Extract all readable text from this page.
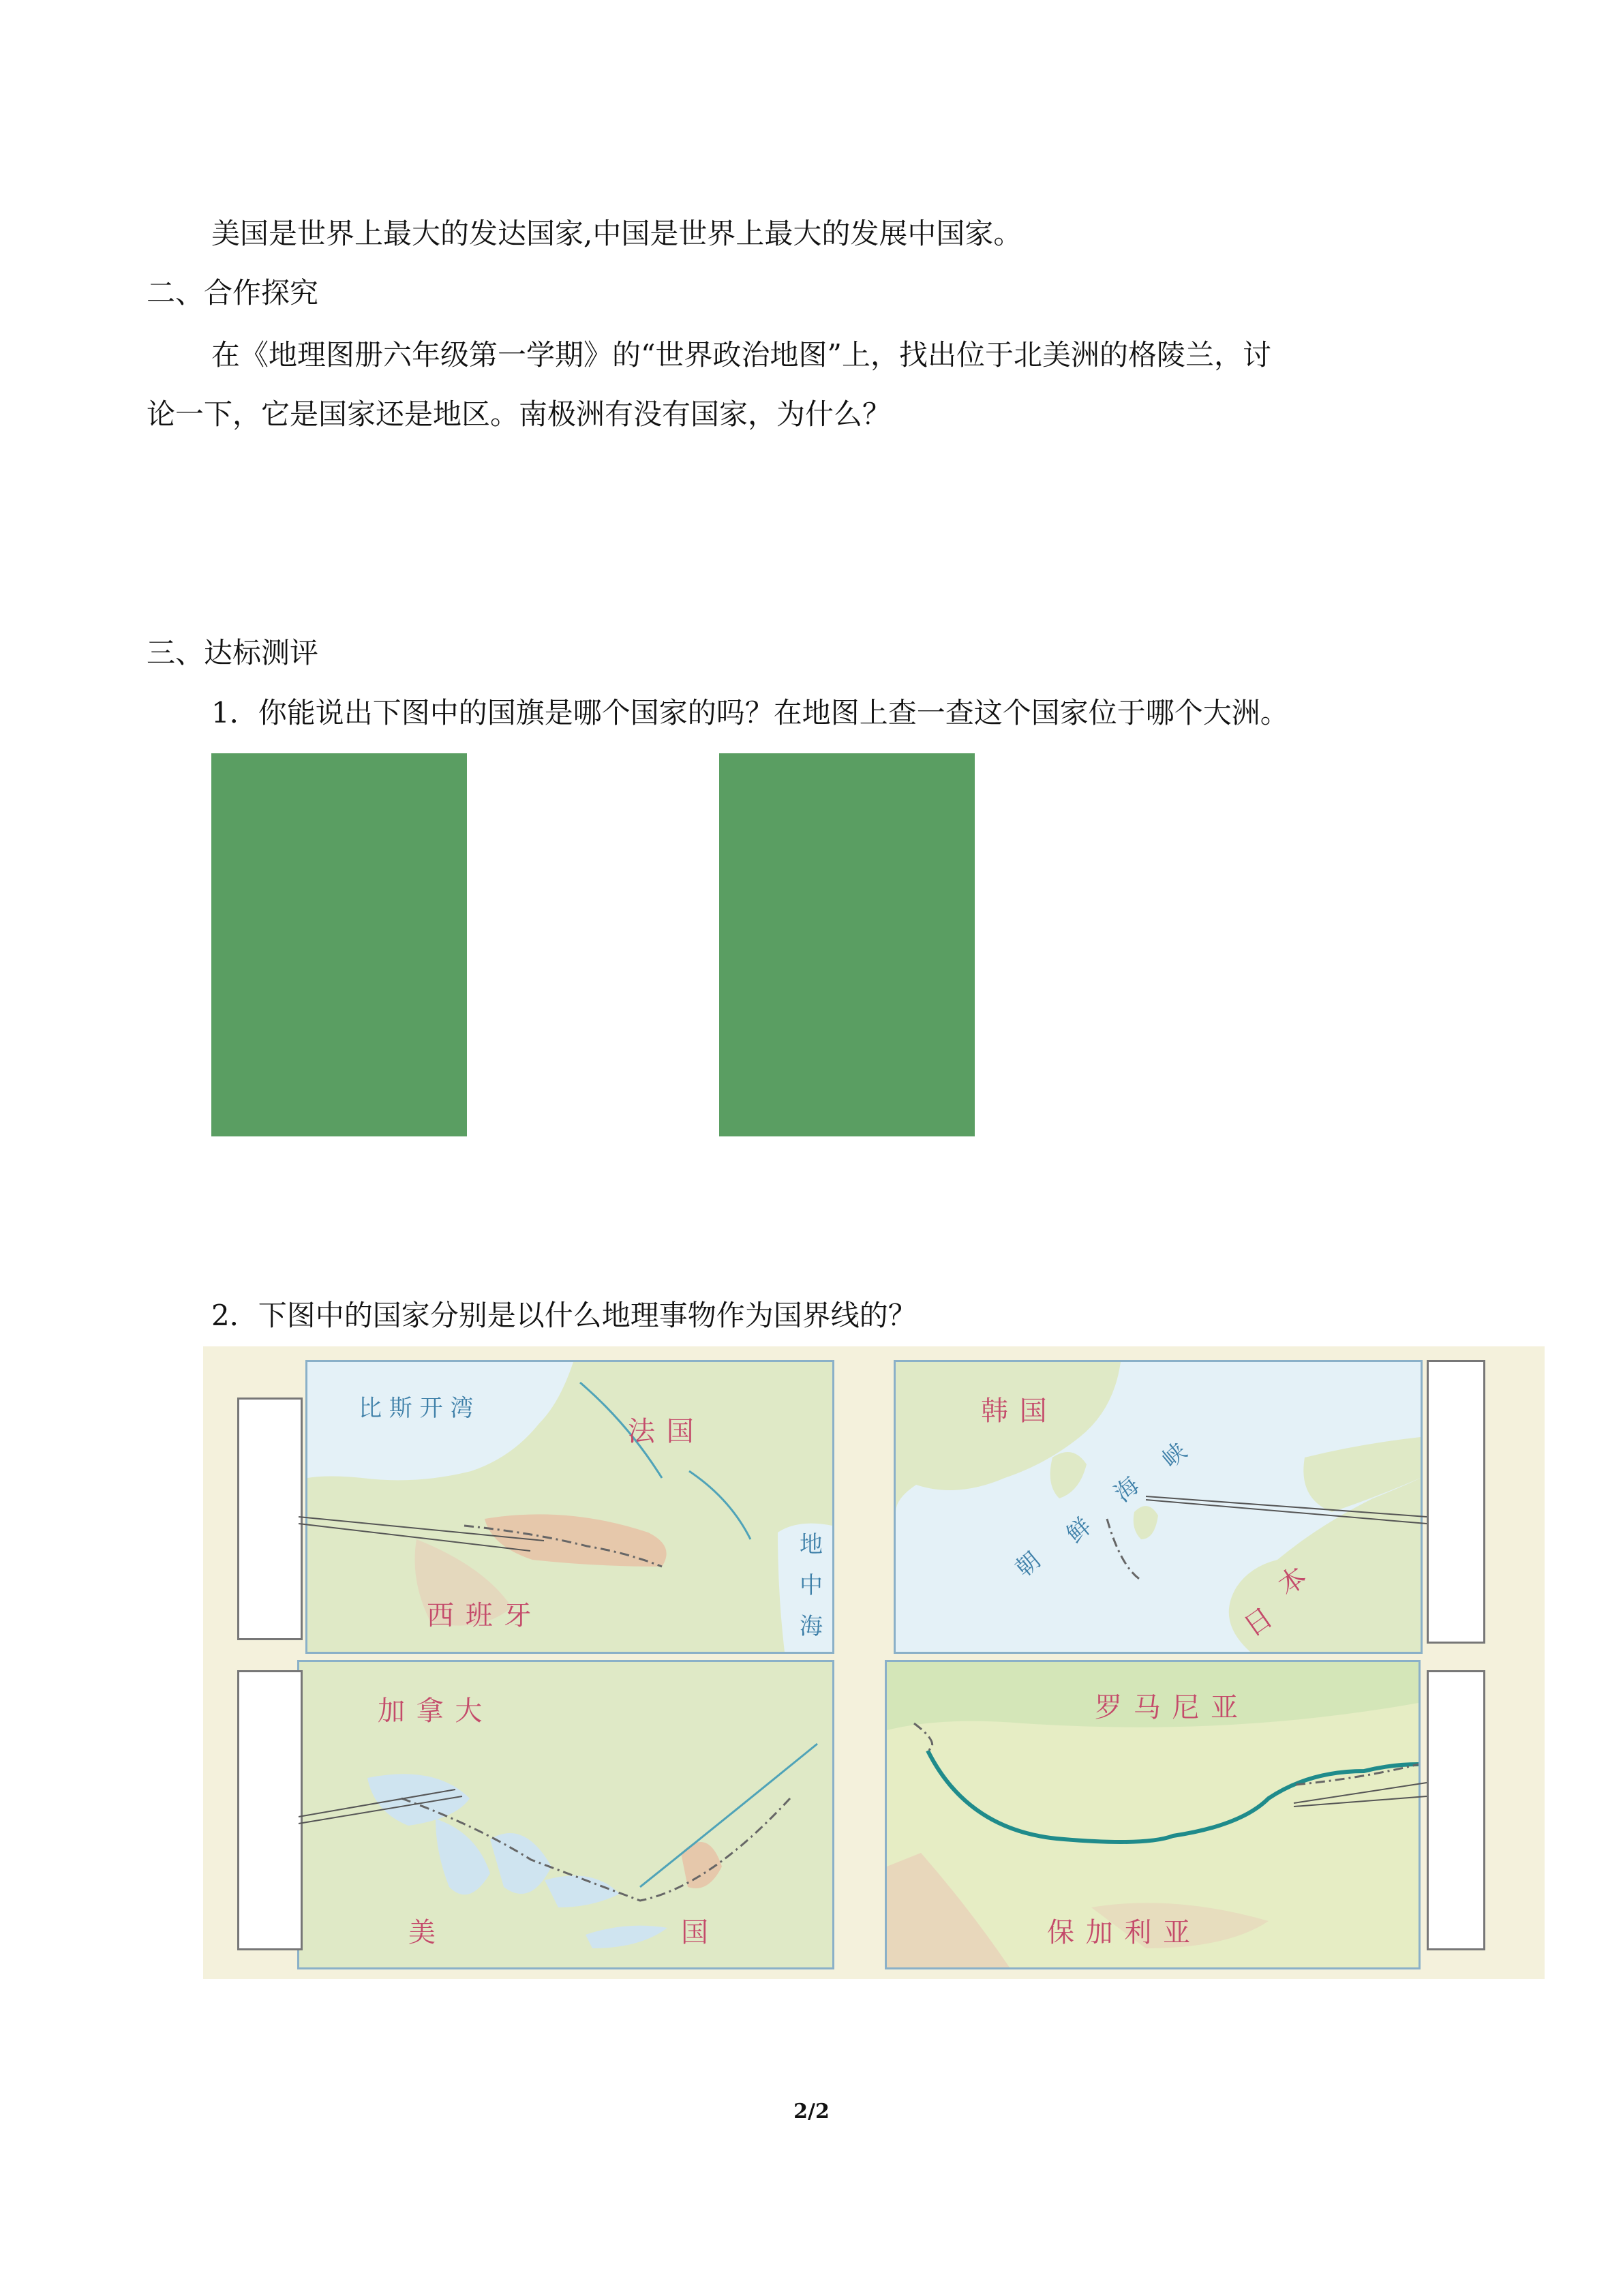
美国是世界上最大的发达国家,中国是世界上最大的发展中国家。
二、合作探究
在《地理图册六年级第一学期》的“世界政治地图”上，找出位于北美洲的格陵兰，讨
论一下，它是国家还是地区。南极洲有没有国家，为什么？
三、达标测评
1．你能说出下图中的国旗是哪个国家的吗？在地图上查一查这个国家位于哪个大洲。
2．下图中的国家分别是以什么地理事物作为国界线的？
比 斯 开 湾
法 国
西 班 牙
地
中
海
韩 国
朝
鲜
海
峡
本
日
加 拿 大
美	国
罗 马 尼 亚
保 加 利 亚
2/2
